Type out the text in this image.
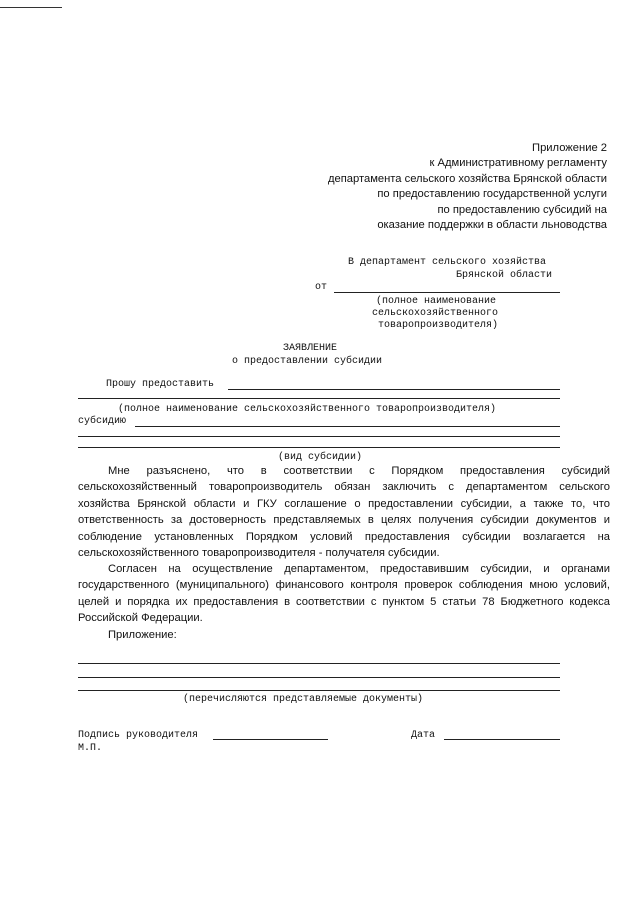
Приложение 2
к Административному регламенту
департамента сельского хозяйства Брянской области
по предоставлению государственной услуги
по предоставлению субсидий на
оказание поддержки в области льноводства
В департамент сельского хозяйства
Брянской области
от
(полное наименование
сельскохозяйственного
товаропроизводителя)
ЗАЯВЛЕНИЕ
о предоставлении субсидии
Прошу предоставить
(полное наименование сельскохозяйственного товаропроизводителя)
субсидию
(вид субсидии)

Мне разъяснено, что в соответствии с Порядком предоставления субсидий сельскохозяйственный товаропроизводитель обязан заключить с департаментом сельского хозяйства Брянской области и ГКУ соглашение о предоставлении субсидии, а также то, что ответственность за достоверность представляемых в целях получения субсидии документов и соблюдение установленных Порядком условий предоставления субсидии возлагается на сельскохозяйственного товаропроизводителя - получателя субсидии.

Согласен на осуществление департаментом, предоставившим субсидии, и органами государственного (муниципального) финансового контроля проверок соблюдения мною условий, целей и порядка их предоставления в соответствии с пунктом 5 статьи 78 Бюджетного кодекса Российской Федерации.

Приложение:
(перечисляются представляемые документы)
Подпись руководителя	Дата
М.П.
